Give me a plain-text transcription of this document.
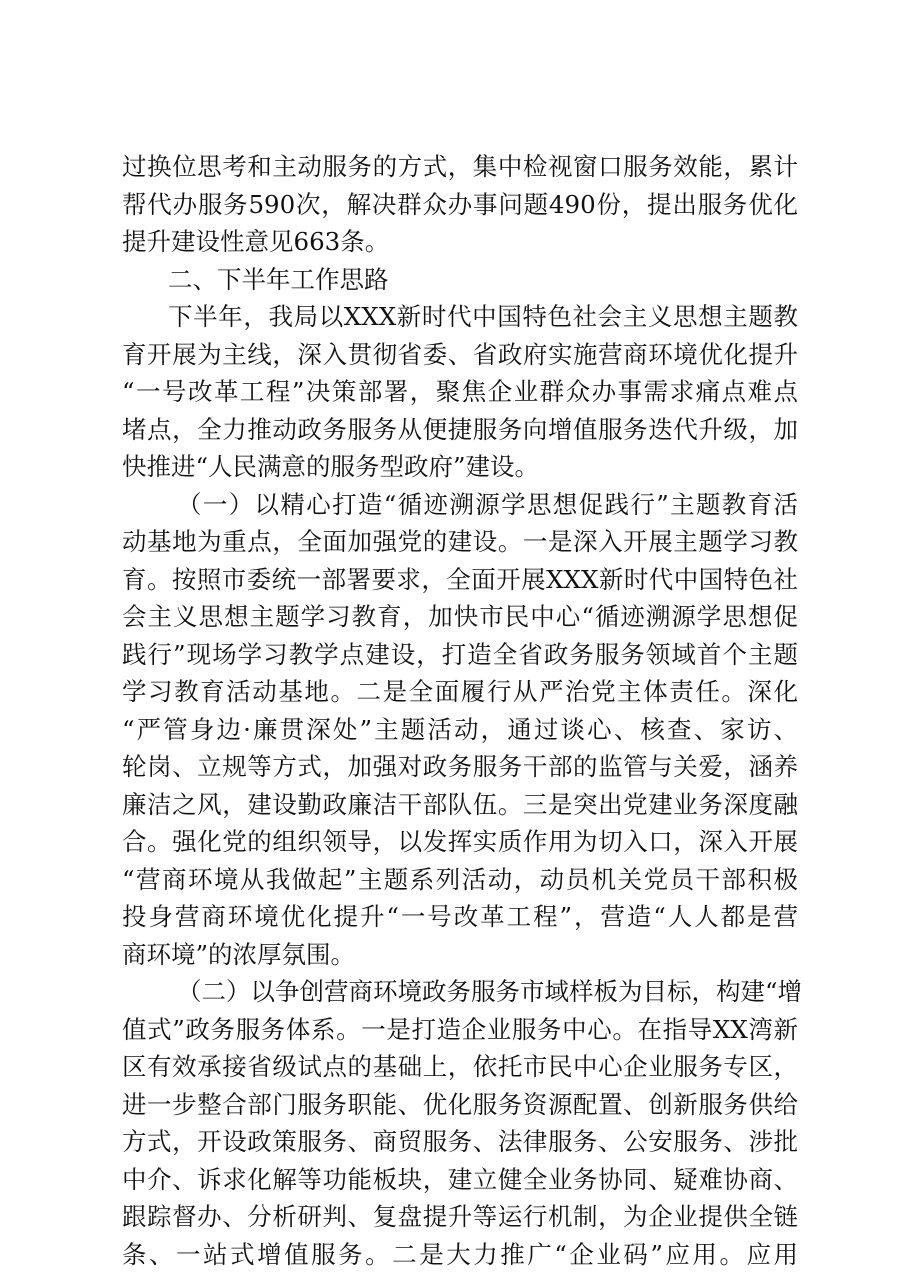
过换位思考和主动服务的方式，集中检视窗口服务效能，累计
帮代办服务590次，解决群众办事问题490份，提出服务优化
提升建设性意见663条。
二、下半年工作思路
下半年，我局以XXX新时代中国特色社会主义思想主题教
育开展为主线，深入贯彻省委、省政府实施营商环境优化提升
“一号改革工程”决策部署，聚焦企业群众办事需求痛点难点
堵点，全力推动政务服务从便捷服务向增值服务迭代升级，加
快推进“人民满意的服务型政府”建设。
（一）以精心打造“循迹溯源学思想促践行”主题教育活
动基地为重点，全面加强党的建设。一是深入开展主题学习教
育。按照市委统一部署要求，全面开展XXX新时代中国特色社
会主义思想主题学习教育，加快市民中心“循迹溯源学思想促
践行”现场学习教学点建设，打造全省政务服务领域首个主题
学习教育活动基地。二是全面履行从严治党主体责任。深化
“严管身边·廉贯深处”主题活动，通过谈心、核查、家访、
轮岗、立规等方式，加强对政务服务干部的监管与关爱，涵养
廉洁之风，建设勤政廉洁干部队伍。三是突出党建业务深度融
合。强化党的组织领导，以发挥实质作用为切入口，深入开展
“营商环境从我做起”主题系列活动，动员机关党员干部积极
投身营商环境优化提升“一号改革工程”，营造“人人都是营
商环境”的浓厚氛围。
（二）以争创营商环境政务服务市域样板为目标，构建“增
值式”政务服务体系。一是打造企业服务中心。在指导XX湾新
区有效承接省级试点的基础上，依托市民中心企业服务专区，
进一步整合部门服务职能、优化服务资源配置、创新服务供给
方式，开设政策服务、商贸服务、法律服务、公安服务、涉批
中介、诉求化解等功能板块，建立健全业务协同、疑难协商、
跟踪督办、分析研判、复盘提升等运行机制，为企业提供全链
条、一站式增值服务。二是大力推广“企业码”应用。应用
